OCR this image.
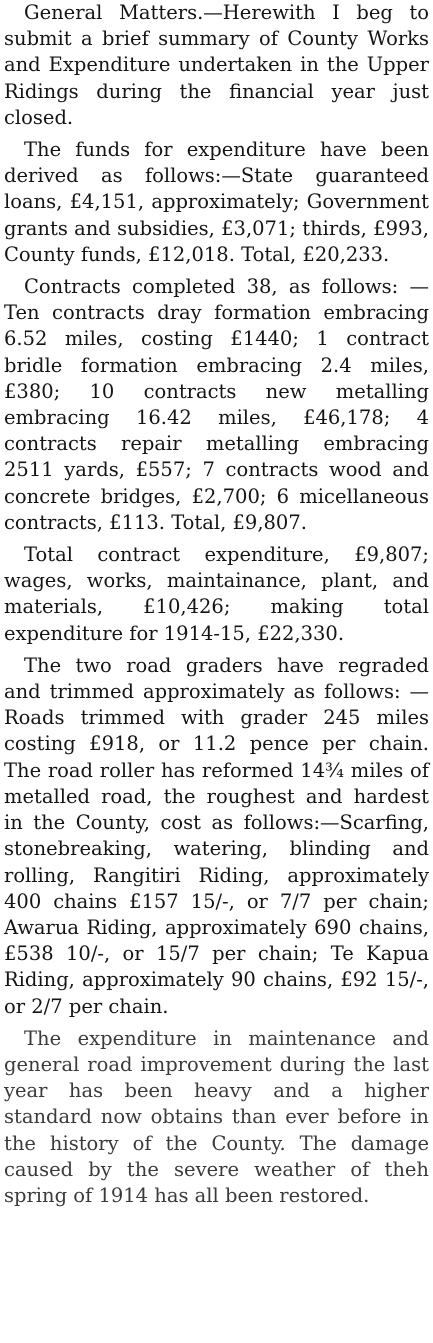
General Matters.—Herewith I beg to submit a brief summary of County Works and Expenditure undertaken in the Upper Ridings during the financial year just closed.

The funds for expenditure have been derived as follows:—State guaranteed loans, £4,151, approximately; Government grants and subsidies, £3,071; thirds, £993, County funds, £12,018. Total, £20,233.

Contracts completed 38, as follows: —Ten contracts dray formation embracing 6.52 miles, costing £1440; 1 contract bridle formation embracing 2.4 miles, £380; 10 contracts new metalling embracing 16.42 miles, £46,178; 4 contracts repair metalling embracing 2511 yards, £557; 7 contracts wood and concrete bridges, £2,700; 6 micellaneous contracts, £113. Total, £9,807.

Total contract expenditure, £9,807; wages, works, maintainance, plant, and materials, £10,426; making total expenditure for 1914-15, £22,330.

The two road graders have regraded and trimmed approximately as follows: —Roads trimmed with grader 245 miles costing £918, or 11.2 pence per chain. The road roller has reformed 14¾ miles of metalled road, the roughest and hardest in the County, cost as follows:—Scarfing, stonebreaking, watering, blinding and rolling, Rangitiri Riding, approximately 400 chains £157 15/-, or 7/7 per chain; Awarua Riding, approximately 690 chains, £538 10/-, or 15/7 per chain; Te Kapua Riding, approximately 90 chains, £92 15/-, or 2/7 per chain.

The expenditure in maintenance and general road improvement during the last year has been heavy and a higher standard now obtains than ever before in the history of the County. The damage caused by the severe weather of theh spring of 1914 has all been restored.
